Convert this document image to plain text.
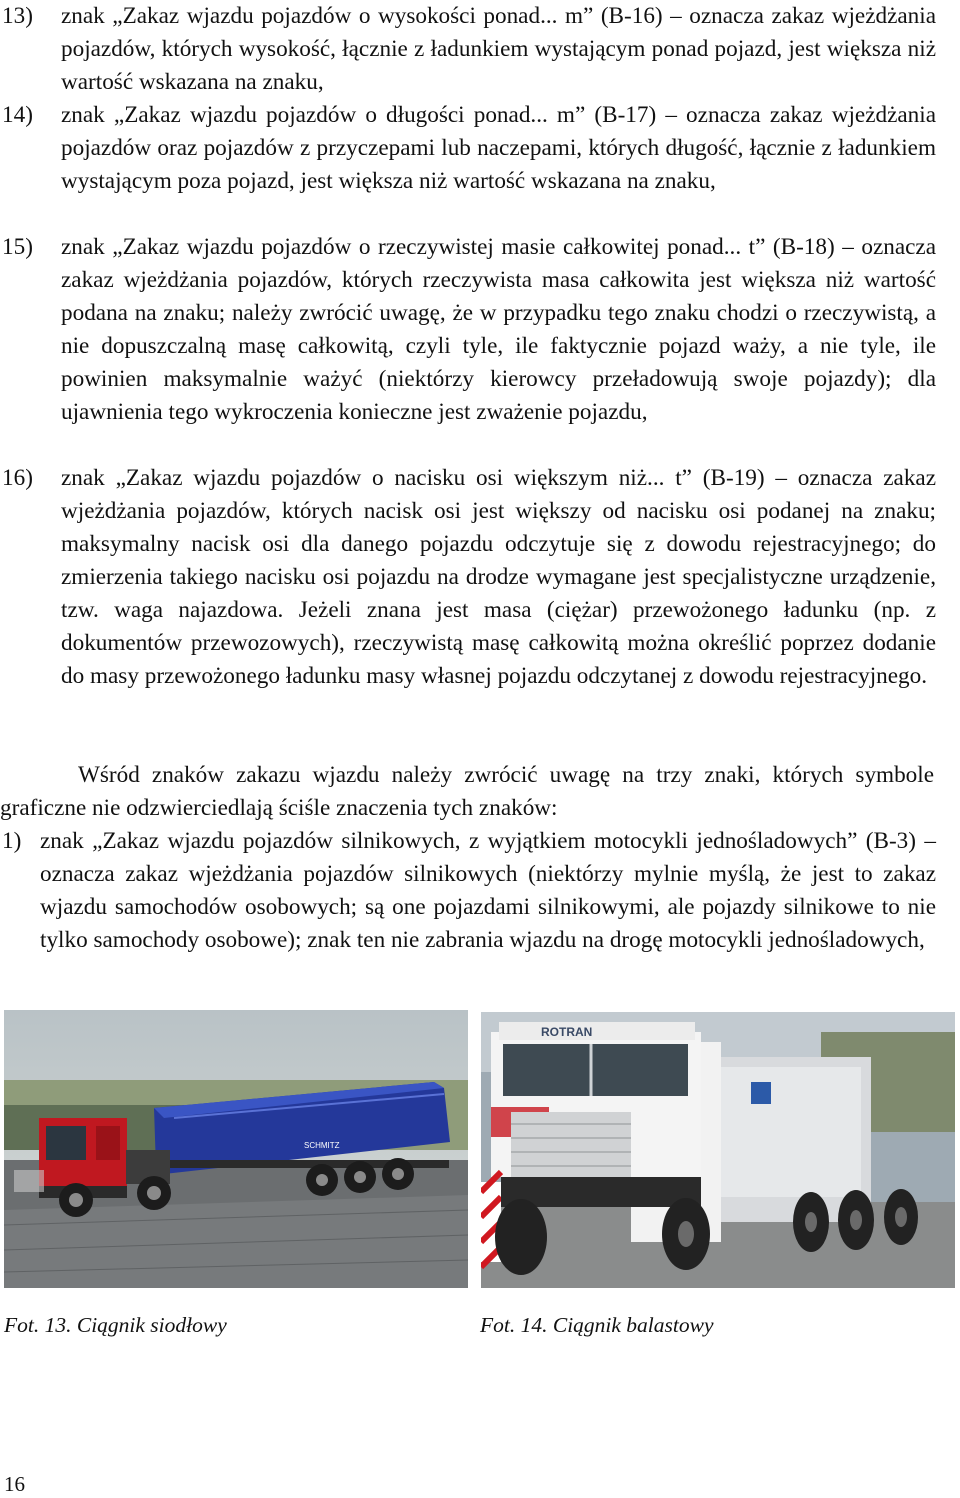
13) znak „Zakaz wjazdu pojazdów o wysokości ponad... m” (B-16) – oznacza zakaz wjeżdżania pojazdów, których wysokość, łącznie z ładunkiem wystającym ponad pojazd, jest większa niż wartość wskazana na znaku,
14) znak „Zakaz wjazdu pojazdów o długości ponad... m” (B-17) – oznacza zakaz wjeżdżania pojazdów oraz pojazdów z przyczepami lub naczepami, których długość, łącznie z ładunkiem wystającym poza pojazd, jest większa niż wartość wskazana na znaku,
15) znak „Zakaz wjazdu pojazdów o rzeczywistej masie całkowitej ponad... t” (B-18) – oznacza zakaz wjeżdżania pojazdów, których rzeczywista masa całkowita jest większa niż wartość podana na znaku; należy zwrócić uwagę, że w przypadku tego znaku chodzi o rzeczywistą, a nie dopuszczalną masę całkowitą, czyli tyle, ile faktycznie pojazd waży, a nie tyle, ile powinien maksymalnie ważyć (niektórzy kierowcy przeładowują swoje pojazdy); dla ujawnienia tego wykroczenia konieczne jest zważenie pojazdu,
16) znak „Zakaz wjazdu pojazdów o nacisku osi większym niż... t” (B-19) – oznacza zakaz wjeżdżania pojazdów, których nacisk osi jest większy od nacisku osi podanej na znaku; maksymalny nacisk osi dla danego pojazdu odczytuje się z dowodu rejestracyjnego; do zmierzenia takiego nacisku osi pojazdu na drodze wymagane jest specjalistyczne urządzenie, tzw. waga najazdowa. Jeżeli znana jest masa (ciężar) przewożonego ładunku (np. z dokumentów przewozowych), rzeczywistą masę całkowitą można określić poprzez dodanie do masy przewożonego ładunku masy własnej pojazdu odczytanej z dowodu rejestracyjnego.
Wśród znaków zakazu wjazdu należy zwrócić uwagę na trzy znaki, których symbole graficzne nie odzwierciedlają ściśle znaczenia tych znaków:
1) znak „Zakaz wjazdu pojazdów silnikowych, z wyjątkiem motocykli jednośladowych” (B-3) – oznacza zakaz wjeżdżania pojazdów silnikowych (niektórzy mylnie myślą, że jest to zakaz wjazdu samochodów osobowych; są one pojazdami silnikowymi, ale pojazdy silnikowe to nie tylko samochody osobowe); znak ten nie zabrania wjazdu na drogę motocykli jednośladowych,
SCHMITZ
ROTRAN
Fot. 13. Ciągnik siodłowy	Fot. 14. Ciągnik balastowy
16
